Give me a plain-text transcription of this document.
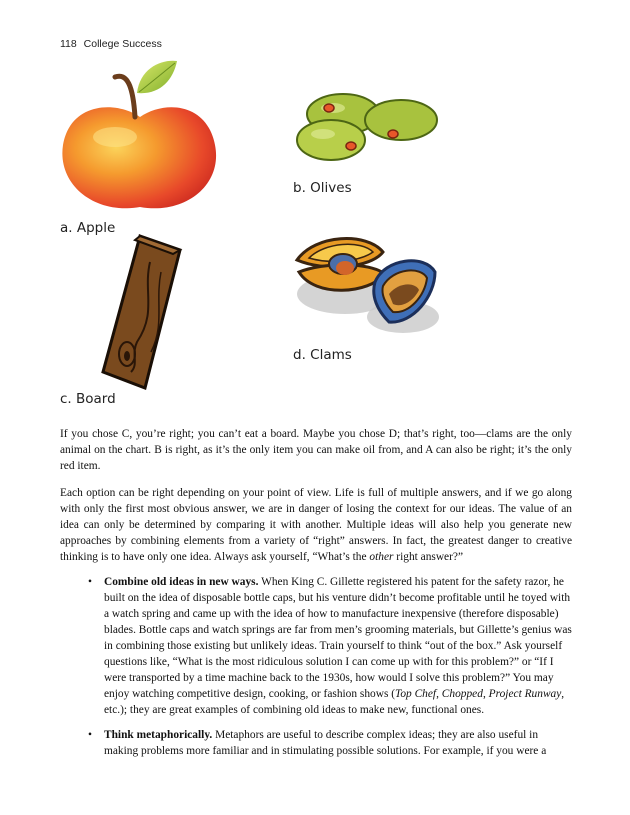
118 College Success
a. Apple
b. Olives
c. Board
d. Clams

If you chose C, you’re right; you can’t eat a board. Maybe you chose D; that’s right, too—clams are the only animal on the chart. B is right, as it’s the only item you can make oil from, and A can also be right; it’s the only red item.

Each option can be right depending on your point of view. Life is full of multiple answers, and if we go along with only the first most obvious answer, we are in danger of losing the context for our ideas. The value of an idea can only be determined by comparing it with another. Multiple ideas will also help you generate new approaches by combining elements from a variety of “right” answers. In fact, the greatest danger to creative thinking is to have only one idea. Always ask yourself, “What’s the other right answer?”

• Combine old ideas in new ways. When King C. Gillette registered his patent for the safety razor, he built on the idea of disposable bottle caps, but his venture didn’t become profitable until he toyed with a watch spring and came up with the idea of how to manufacture inexpensive (therefore disposable) blades. Bottle caps and watch springs are far from men’s grooming materials, but Gillette’s genius was in combining those existing but unlikely ideas. Train yourself to think “out of the box.” Ask yourself questions like, “What is the most ridiculous solution I can come up with for this problem?” or “If I were transported by a time machine back to the 1930s, how would I solve this problem?” You may enjoy watching competitive design, cooking, or fashion shows (Top Chef, Chopped, Project Runway, etc.); they are great examples of combining old ideas to make new, functional ones.
• Think metaphorically. Metaphors are useful to describe complex ideas; they are also useful in making problems more familiar and in stimulating possible solutions. For example, if you were a
